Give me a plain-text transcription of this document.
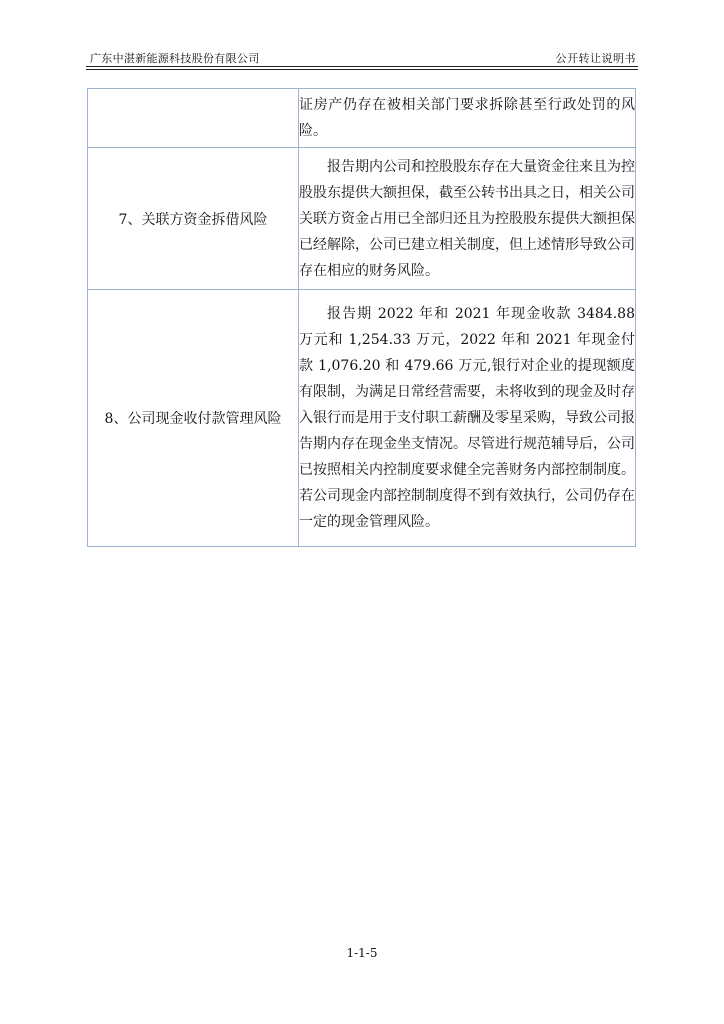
广东中湛新能源科技股份有限公司	公开转让说明书

	证房产仍存在被相关部门要求拆除甚至行政处罚的风险。

7、关联方资金拆借风险	报告期内公司和控股股东存在大量资金往来且为控股股东提供大额担保，截至公转书出具之日，相关公司关联方资金占用已全部归还且为控股股东提供大额担保已经解除，公司已建立相关制度，但上述情形导致公司存在相应的财务风险。

8、公司现金收付款管理风险	报告期 2022 年和 2021 年现金收款 3484.88 万元和 1,254.33 万元，2022 年和 2021 年现金付款 1,076.20 和 479.66 万元,银行对企业的提现额度有限制，为满足日常经营需要，未将收到的现金及时存入银行而是用于支付职工薪酬及零星采购，导致公司报告期内存在现金坐支情况。尽管进行规范辅导后，公司已按照相关内控制度要求健全完善财务内部控制制度。若公司现金内部控制制度得不到有效执行，公司仍存在一定的现金管理风险。

1-1-5
